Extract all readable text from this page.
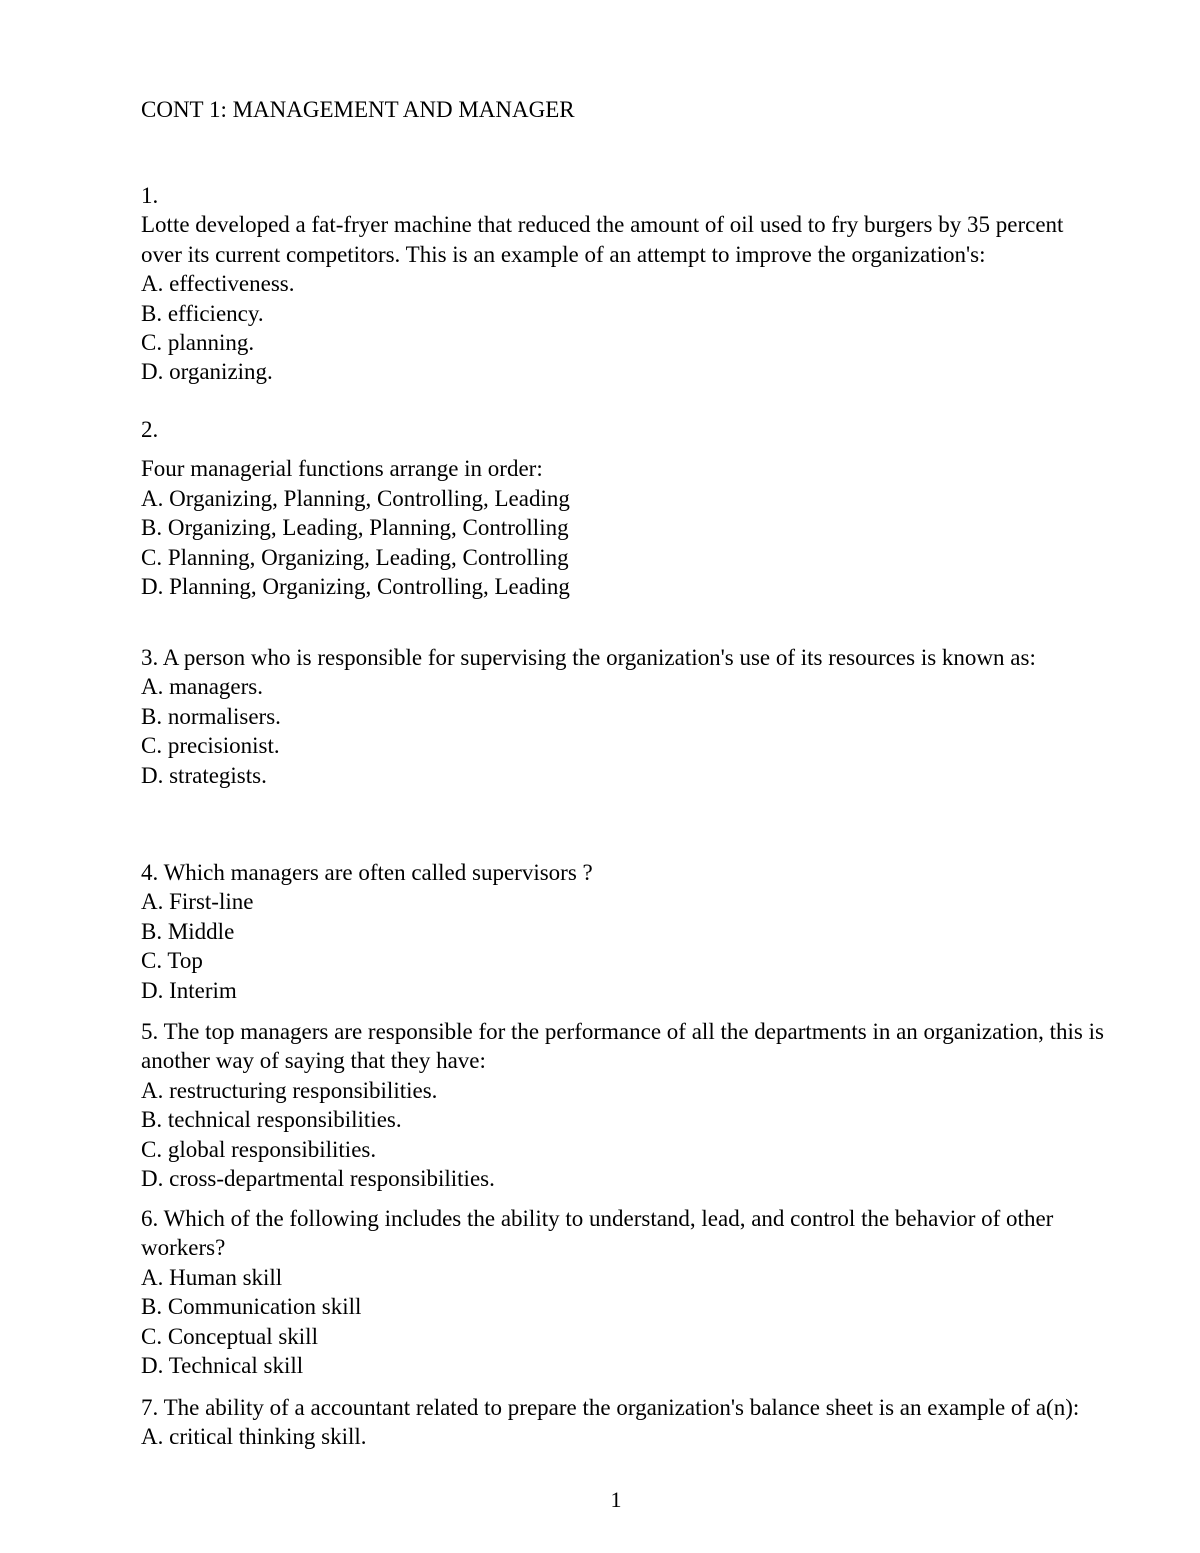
CONT 1: MANAGEMENT AND MANAGER
1.
Lotte developed a fat-fryer machine that reduced the amount of oil used to fry burgers by 35 percent over its current competitors. This is an example of an attempt to improve the organization's:
A. effectiveness.
B. efficiency.
C. planning.
D. organizing.
2.
Four managerial functions arrange in order:
A. Organizing, Planning, Controlling, Leading
B. Organizing, Leading, Planning, Controlling
C. Planning, Organizing, Leading, Controlling
D. Planning, Organizing, Controlling, Leading
3. A person who is responsible for supervising the organization's use of its resources is known as:
A. managers.
B. normalisers.
C. precisionist.
D. strategists.
4. Which managers are often called supervisors ?
A. First-line
B. Middle
C. Top
D. Interim
5. The top managers are responsible for the performance of all the departments in an organization, this is another way of saying that they have:
A. restructuring responsibilities.
B. technical responsibilities.
C. global responsibilities.
D. cross-departmental responsibilities.
6. Which of the following includes the ability to understand, lead, and control the behavior of other workers?
A. Human skill
B. Communication skill
C. Conceptual skill
D. Technical skill
7. The ability of a accountant related to prepare the organization's balance sheet is an example of a(n):
A. critical thinking skill.
1
